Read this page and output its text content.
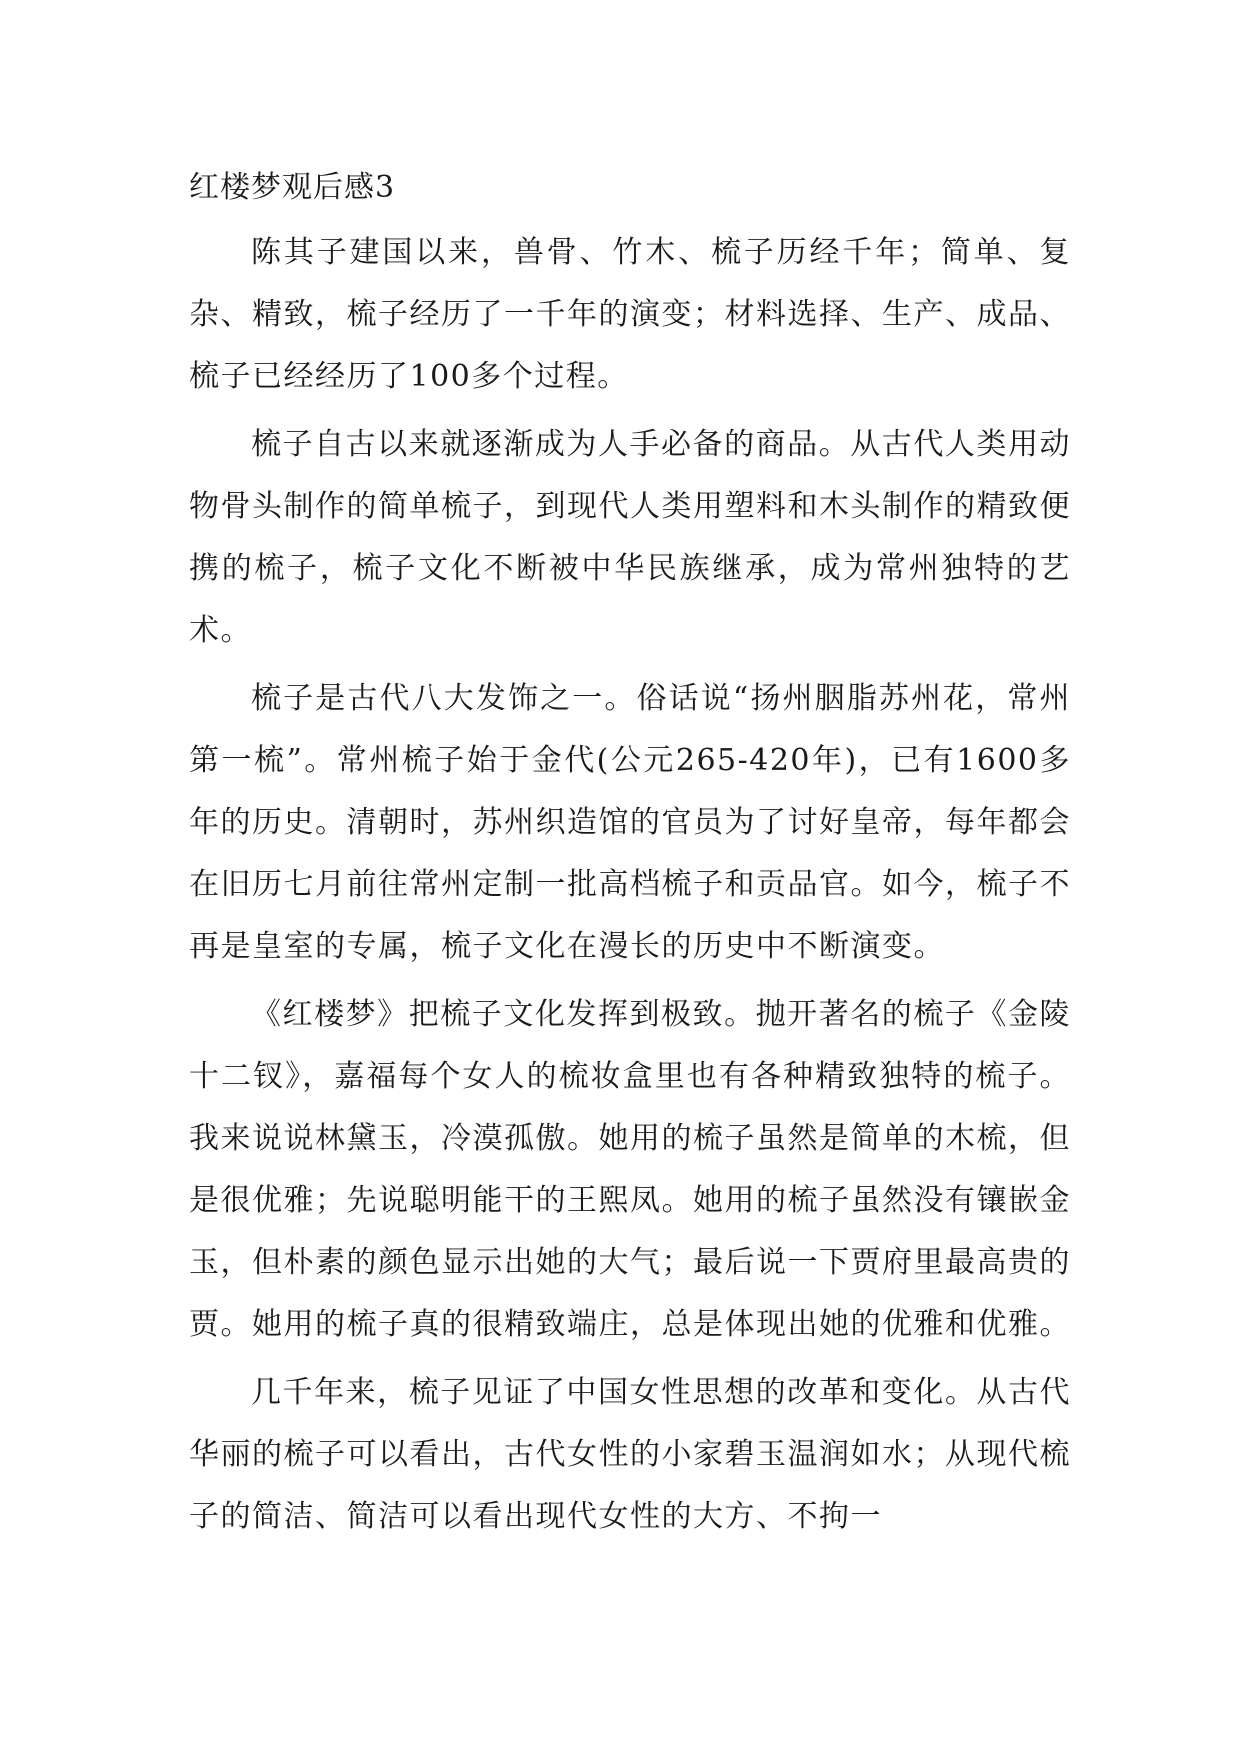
红楼梦观后感3

陈其子建国以来，兽骨、竹木、梳子历经千年；简单、复杂、精致，梳子经历了一千年的演变；材料选择、生产、成品、梳子已经经历了100多个过程。

梳子自古以来就逐渐成为人手必备的商品。从古代人类用动物骨头制作的简单梳子，到现代人类用塑料和木头制作的精致便携的梳子，梳子文化不断被中华民族继承，成为常州独特的艺术。

梳子是古代八大发饰之一。俗话说“扬州胭脂苏州花，常州第一梳”。常州梳子始于金代(公元265-420年)，已有1600多年的历史。清朝时，苏州织造馆的官员为了讨好皇帝，每年都会在旧历七月前往常州定制一批高档梳子和贡品官。如今，梳子不再是皇室的专属，梳子文化在漫长的历史中不断演变。

《红楼梦》把梳子文化发挥到极致。抛开著名的梳子《金陵十二钗》，嘉福每个女人的梳妆盒里也有各种精致独特的梳子。我来说说林黛玉，冷漠孤傲。她用的梳子虽然是简单的木梳，但是很优雅；先说聪明能干的王熙凤。她用的梳子虽然没有镶嵌金玉，但朴素的颜色显示出她的大气；最后说一下贾府里最高贵的贾。她用的梳子真的很精致端庄，总是体现出她的优雅和优雅。

几千年来，梳子见证了中国女性思想的改革和变化。从古代华丽的梳子可以看出，古代女性的小家碧玉温润如水；从现代梳子的简洁、简洁可以看出现代女性的大方、不拘一
